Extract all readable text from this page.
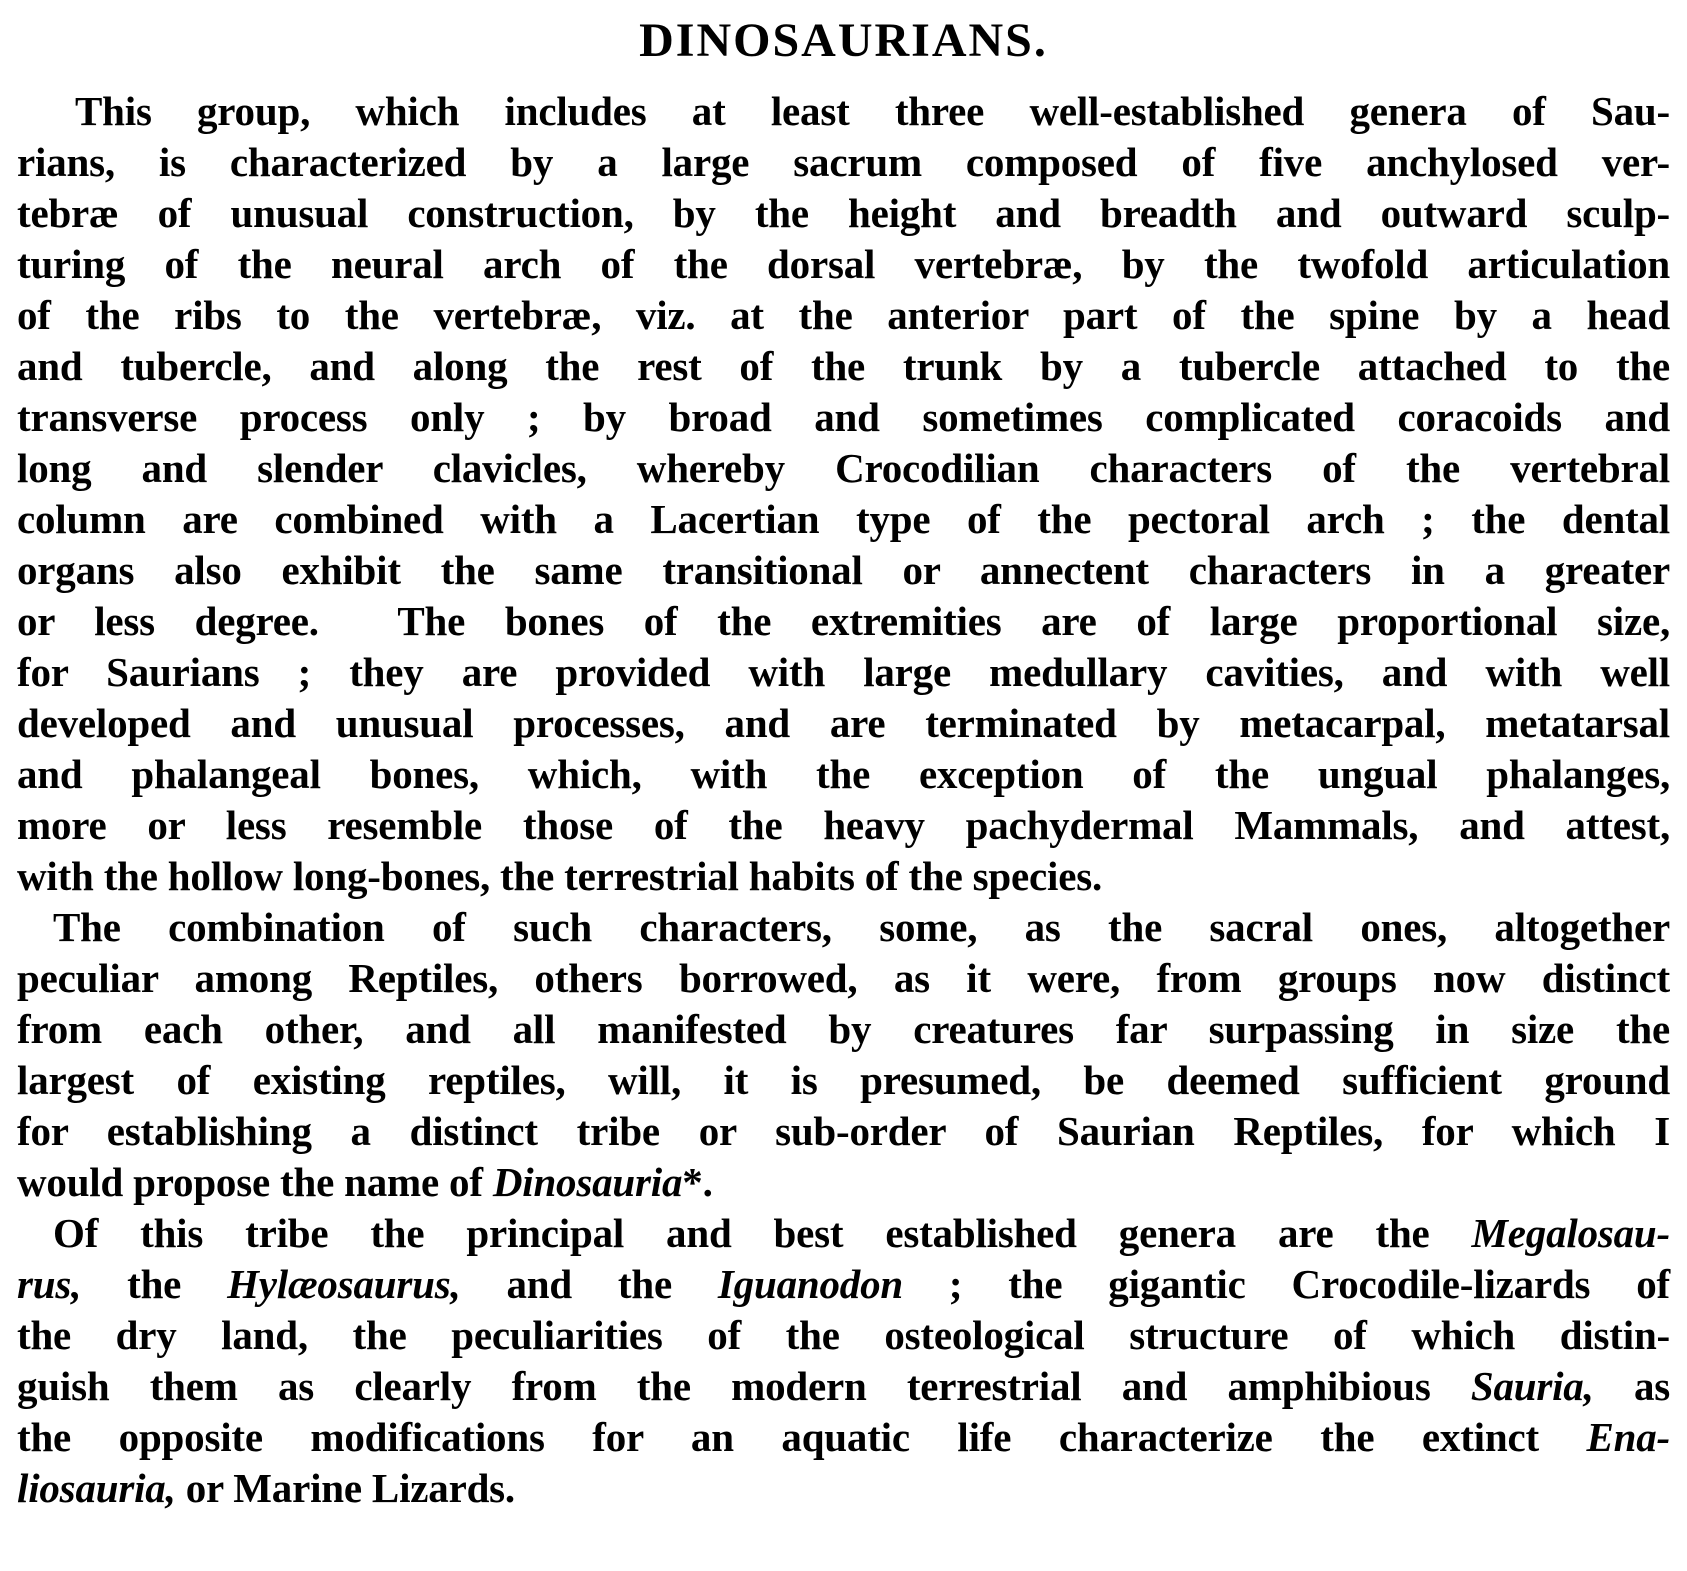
DINOSAURIANS.
This group, which includes at least three well-established genera of Sau-
rians, is characterized by a large sacrum composed of five anchylosed ver-
tebræ of unusual construction, by the height and breadth and outward sculp-
turing of the neural arch of the dorsal vertebræ, by the twofold articulation
of the ribs to the vertebræ, viz. at the anterior part of the spine by a head
and tubercle, and along the rest of the trunk by a tubercle attached to the
transverse process only ; by broad and sometimes complicated coracoids and
long and slender clavicles, whereby Crocodilian characters of the vertebral
column are combined with a Lacertian type of the pectoral arch ; the dental
organs also exhibit the same transitional or annectent characters in a greater
or less degree.  The bones of the extremities are of large proportional size,
for Saurians ; they are provided with large medullary cavities, and with well
developed and unusual processes, and are terminated by metacarpal, metatarsal
and phalangeal bones, which, with the exception of the ungual phalanges,
more or less resemble those of the heavy pachydermal Mammals, and attest,
with the hollow long-bones, the terrestrial habits of the species.
The combination of such characters, some, as the sacral ones, altogether
peculiar among Reptiles, others borrowed, as it were, from groups now distinct
from each other, and all manifested by creatures far surpassing in size the
largest of existing reptiles, will, it is presumed, be deemed sufficient ground
for establishing a distinct tribe or sub-order of Saurian Reptiles, for which I
would propose the name of Dinosauria*.
Of this tribe the principal and best established genera are the Megalosau-
rus, the Hylæosaurus, and the Iguanodon ; the gigantic Crocodile-lizards of
the dry land, the peculiarities of the osteological structure of which distin-
guish them as clearly from the modern terrestrial and amphibious Sauria, as
the opposite modifications for an aquatic life characterize the extinct Ena-
liosauria, or Marine Lizards.
